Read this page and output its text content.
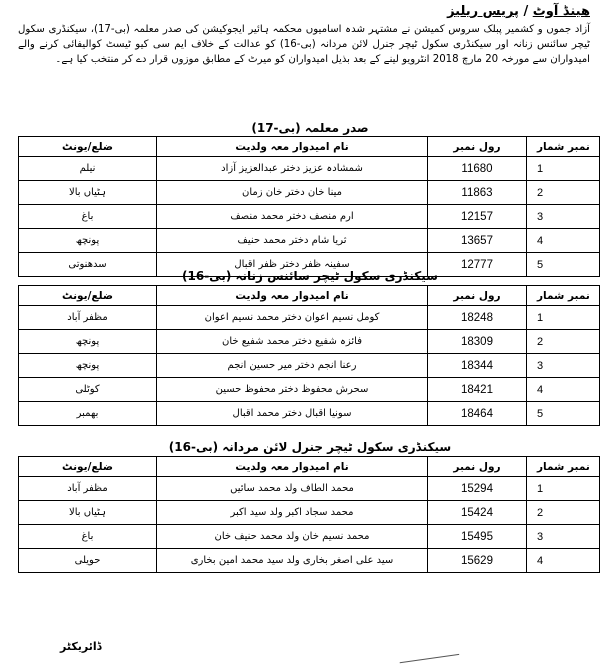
ھینڈ آوٹ / پریس ریلیز
آزاد جموں و کشمیر پبلک سروس کمیشن نے مشتہر شدہ اسامیوں محکمہ ہائیر ایجوکیشن کی صدر معلمہ (بی-17)، سیکنڈری سکول ٹیچر سائنس زنانہ اور سیکنڈری سکول ٹیچر جنرل لائن مردانہ (بی-16) کو عدالت کے خلاف ایم سی کیو ٹیسٹ کوالیفائی کرنے والے امیدواران سے مورخہ 20 مارچ 2018 انٹرویو لینے کے بعد بذیل امیدواران کو میرٹ کے مطابق موزوں قرار دے کر منتخب کیا ہے۔
صدر معلمہ (بی-17)
نمبر شمار	رول نمبر	نام امیدوار معہ ولدیت	ضلع/یونٹ
1	11680	شمشادہ عزیز دختر عبدالعزیز آزاد	نیلم
2	11863	مینا خان دختر خان زمان	ہٹیاں بالا
3	12157	ارم منصف دختر محمد منصف	باغ
4	13657	ثریا شام دختر محمد حنیف	پونچھ
5	12777	سفینہ ظفر دختر ظفر اقبال	سدھنوتی
سیکنڈری سکول ٹیچر سائنس زنانہ (بی-16)
نمبر شمار	رول نمبر	نام امیدوار معہ ولدیت	ضلع/یونٹ
1	18248	کومل نسیم اعوان دختر محمد نسیم اعوان	مظفر آباد
2	18309	فائزہ شفیع دختر محمد شفیع خان	پونچھ
3	18344	رعنا انجم دختر میر حسین انجم	پونچھ
4	18421	سحرش محفوظ دختر محفوظ حسین	کوٹلی
5	18464	سونیا اقبال دختر محمد اقبال	بھمبر
سیکنڈری سکول ٹیچر جنرل لائن مردانہ (بی-16)
نمبر شمار	رول نمبر	نام امیدوار معہ ولدیت	ضلع/یونٹ
1	15294	محمد الطاف ولد محمد سائیں	مظفر آباد
2	15424	محمد سجاد اکبر ولد سید اکبر	ہٹیاں بالا
3	15495	محمد نسیم خان ولد محمد حنیف خان	باغ
4	15629	سید علی اصغر بخاری ولد سید محمد امین بخاری	حویلی
ڈائریکٹر
